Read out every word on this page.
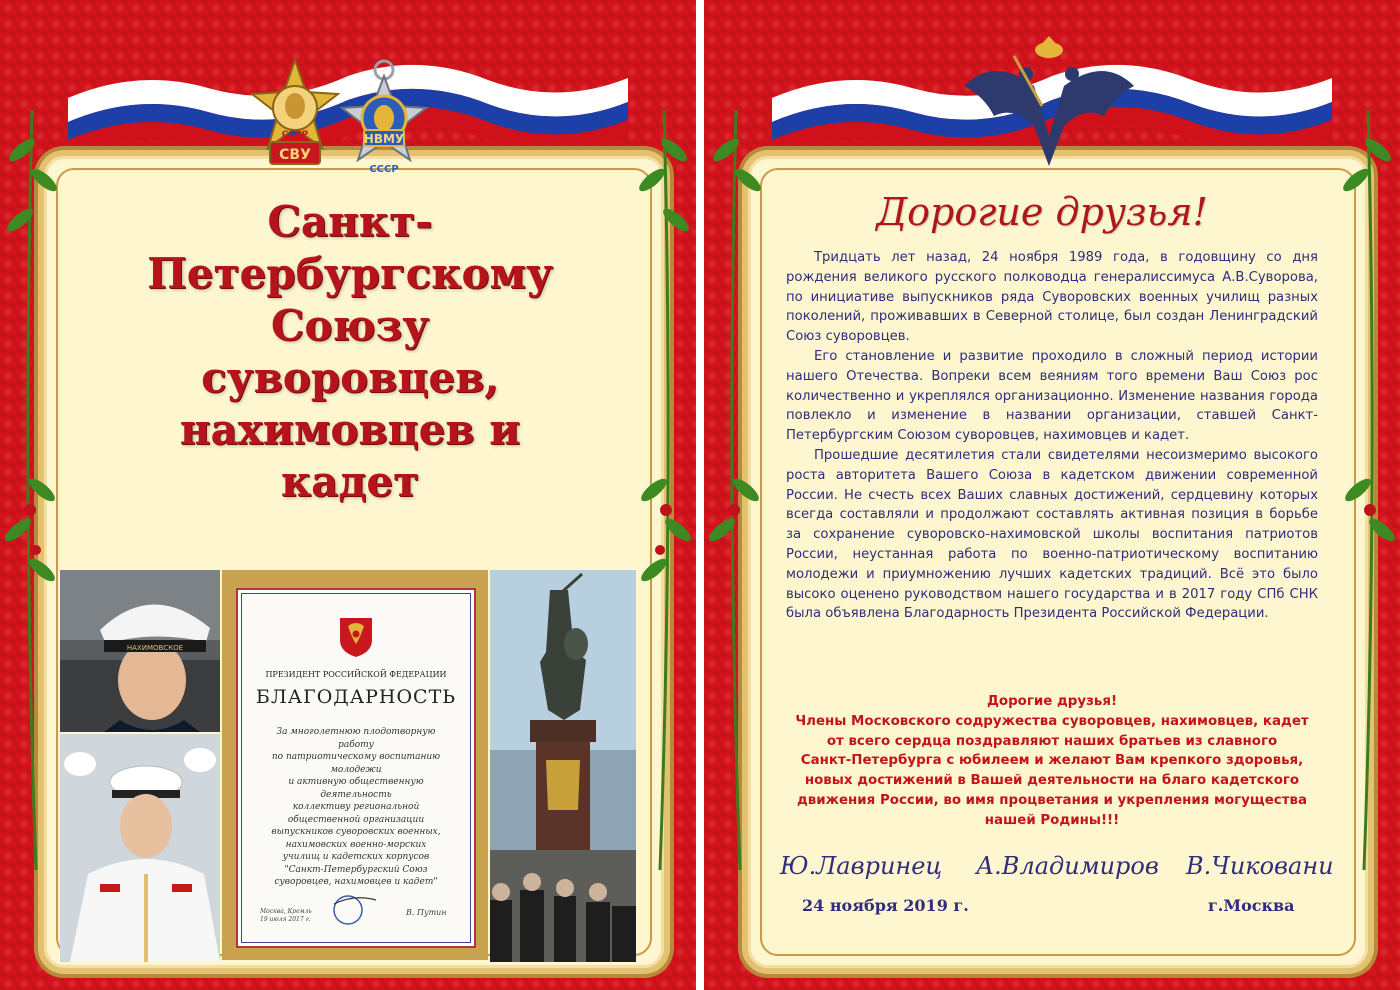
СССР
СВУ
НВМУ
СССР
Санкт-
Петербургскому
Союзу
суворовцев,
нахимовцев и
кадет
НАХИМОВСКОЕ
ПРЕЗИДЕНТ РОССИЙСКОЙ ФЕДЕРАЦИИ
БЛАГОДАРНОСТЬ
За многолетнюю плодотворную работу
по патриотическому воспитанию молодежи
и активную общественную деятельность
коллективу региональной
общественной организации
выпускников суворовских военных,
нахимовских военно-морских
училищ и кадетских корпусов
"Санкт-Петербургский Союз
суворовцев, нахимовцев и кадет"
Москва, Кремль
19 июля 2017 г.
В. Путин
Дорогие друзья!

Тридцать лет назад, 24 ноября 1989 года, в годовщину со дня рождения великого русского полководца генералиссимуса А.В.Суворова, по инициативе выпускников ряда Суворовских военных училищ разных поколений, проживавших в Северной столице, был создан Ленинградский Союз суворовцев.

Его становление и развитие проходило в сложный период истории нашего Отечества. Вопреки всем веяниям того времени Ваш Союз рос количественно и укреплялся организационно. Изменение названия города повлекло и изменение в названии организации, ставшей Санкт-Петербургским Союзом суворовцев, нахимовцев и кадет.

Прошедшие десятилетия стали свидетелями несоизмеримо высокого роста авторитета Вашего Союза в кадетском движении современной России. Не счесть всех Ваших славных достижений, сердцевину которых всегда составляли и продолжают составлять активная позиция в борьбе за сохранение суворовско-нахимовской школы воспитания патриотов России, неустанная работа по военно-патриотическому воспитанию молодежи и приумножению лучших кадетских традиций. Всё это было высоко оценено руководством нашего государства и в 2017 году СПб СНК была объявлена Благодарность Президента Российской Федерации.

Дорогие друзья!
Члены Московского содружества суворовцев, нахимовцев, кадет
от всего сердца поздравляют наших братьев из славного
Санкт-Петербурга с юбилеем и желают Вам крепкого здоровья,
новых достижений в Вашей деятельности на благо кадетского
движения России, во имя процветания и укрепления могущества
нашей Родины!!!
Ю.Лавринец А.Владимиров В.Чиковани
24 ноября 2019 г.	г.Москва
